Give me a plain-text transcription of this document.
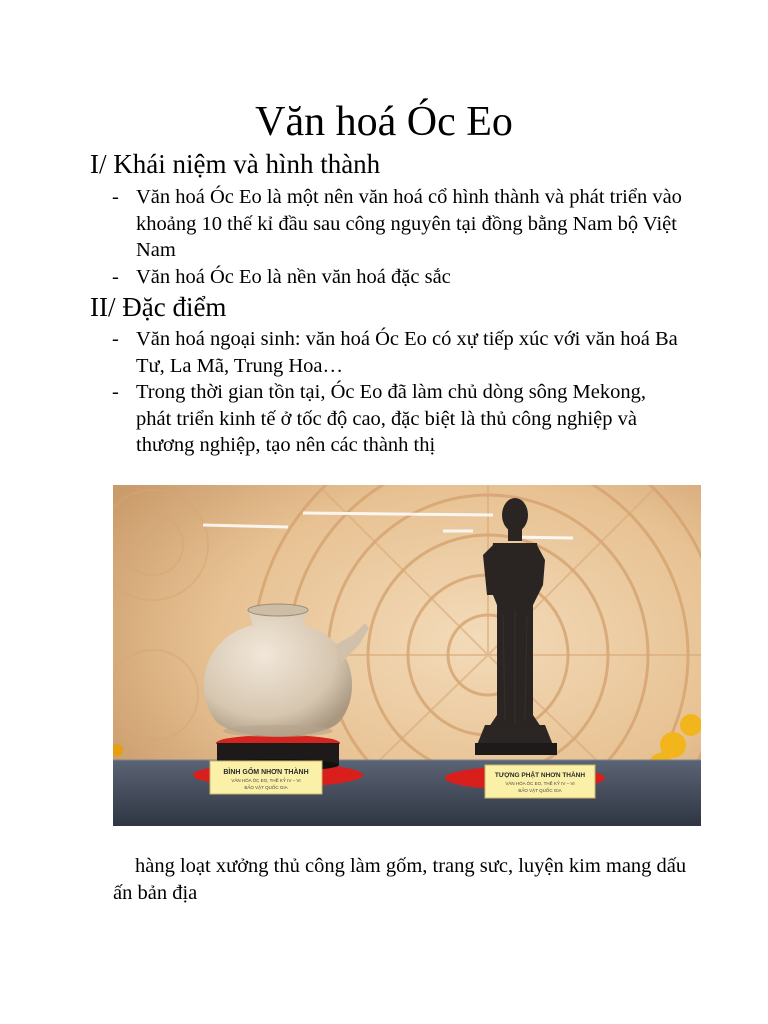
Văn hoá Óc Eo
I/ Khái niệm và hình thành
- Văn hoá Óc Eo là một nên văn hoá cổ hình thành và phát triển vào khoảng 10 thế kỉ đầu sau công nguyên tại đồng bằng Nam bộ Việt Nam
- Văn hoá Óc Eo là nền văn hoá đặc sắc
II/ Đặc điểm
- Văn hoá ngoại sinh: văn hoá Óc Eo có xự tiếp xúc với văn hoá Ba Tư, La Mã, Trung Hoa…
- Trong thời gian tồn tại, Óc Eo đã làm chủ dòng sông Mekong, phát triển kinh tế ở tốc độ cao, đặc biệt là thủ công nghiệp và thương nghiệp, tạo nên các thành thị
BÌNH GỐM NHƠN THÀNH
VĂN HÓA ÓC EO, THẾ KỶ IV – VI
BẢO VẬT QUỐC GIA
TƯỢNG PHẬT NHƠN THÀNH
VĂN HÓA ÓC EO, THẾ KỶ IV – VI
BẢO VẬT QUỐC GIA
hàng loạt xưởng thủ công làm gốm, trang sưc, luyện kim mang dấu ấn bản địa
